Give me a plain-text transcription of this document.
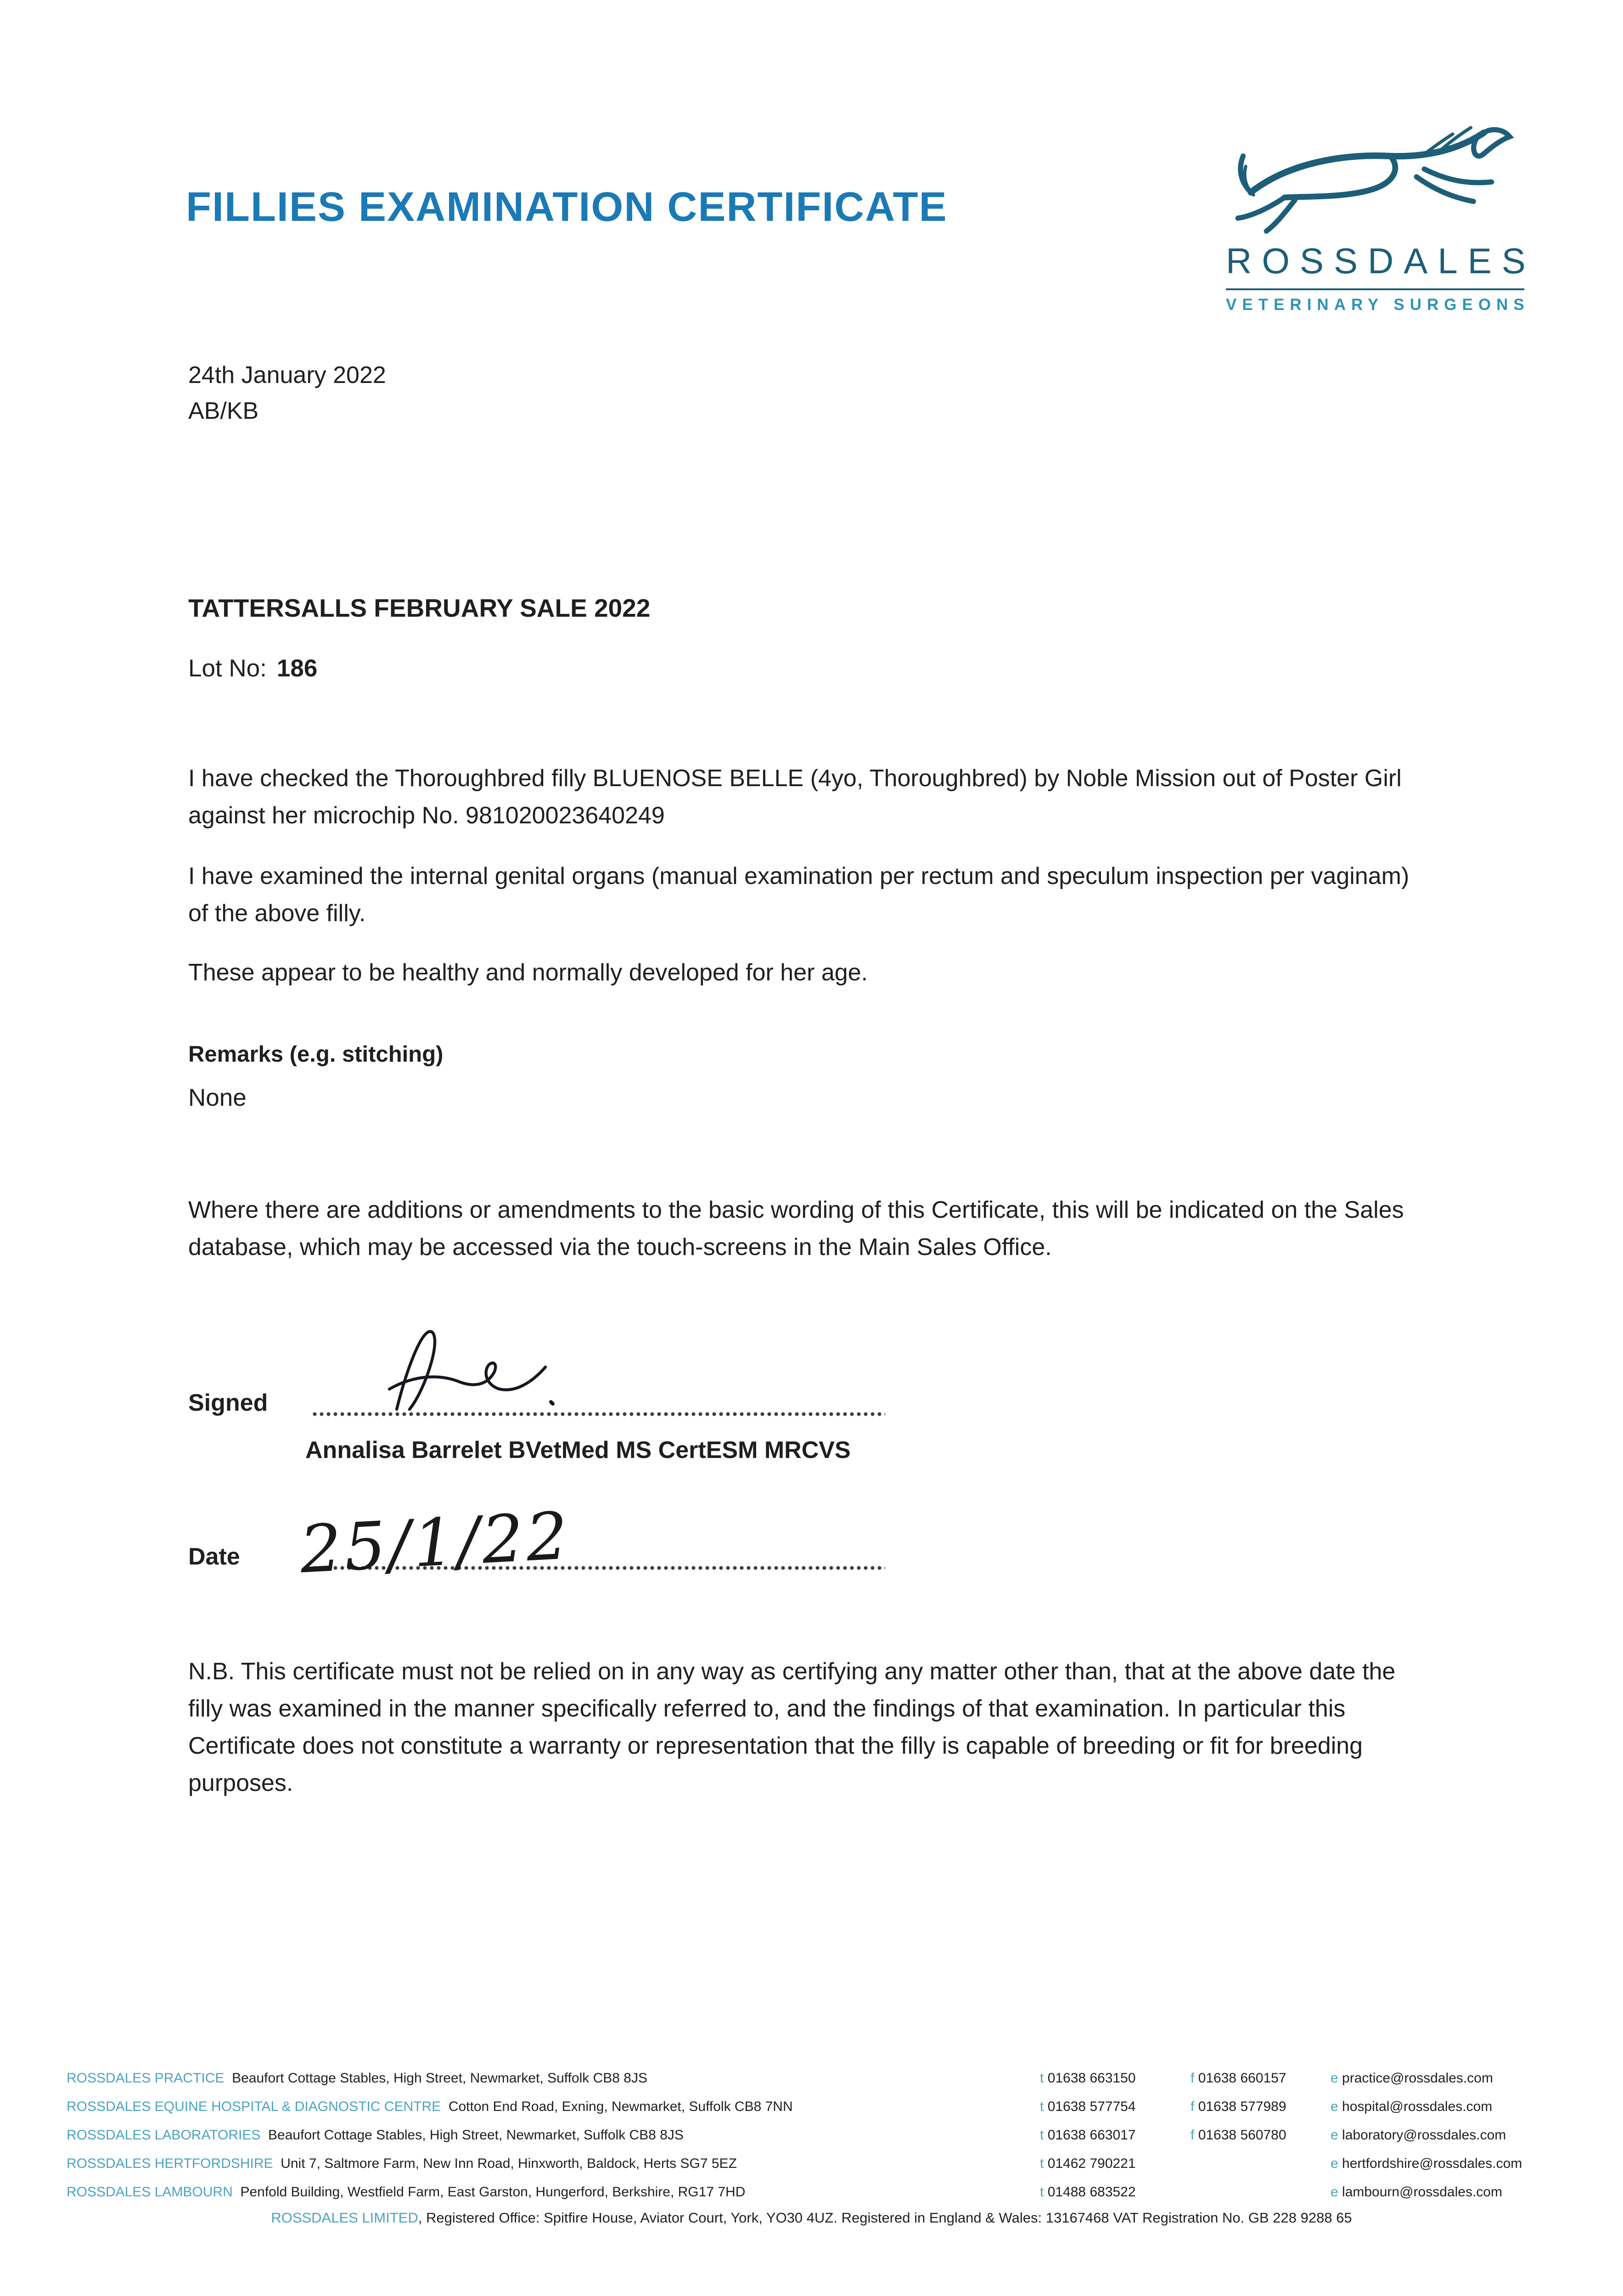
FILLIES EXAMINATION CERTIFICATE
ROSSDALES
VETERINARY SURGEONS
24th January 2022
AB/KB
TATTERSALLS FEBRUARY SALE 2022
Lot No: 186
I have checked the Thoroughbred filly BLUENOSE BELLE (4yo, Thoroughbred) by Noble Mission out of Poster Girl against her microchip No. 981020023640249
I have examined the internal genital organs (manual examination per rectum and speculum inspection per vaginam) of the above filly.
These appear to be healthy and normally developed for her age.
Remarks (e.g. stitching)
None
Where there are additions or amendments to the basic wording of this Certificate, this will be indicated on the Sales database, which may be accessed via the touch-screens in the Main Sales Office.
Signed
Annalisa Barrelet BVetMed MS CertESM MRCVS
Date 25/1/22
N.B. This certificate must not be relied on in any way as certifying any matter other than, that at the above date the filly was examined in the manner specifically referred to, and the findings of that examination. In particular this Certificate does not constitute a warranty or representation that the filly is capable of breeding or fit for breeding purposes.
ROSSDALES PRACTICE Beaufort Cottage Stables, High Street, Newmarket, Suffolk CB8 8JS	t 01638 663150	f 01638 660157	e practice@rossdales.com
ROSSDALES EQUINE HOSPITAL & DIAGNOSTIC CENTRE Cotton End Road, Exning, Newmarket, Suffolk CB8 7NN	t 01638 577754	f 01638 577989	e hospital@rossdales.com
ROSSDALES LABORATORIES Beaufort Cottage Stables, High Street, Newmarket, Suffolk CB8 8JS	t 01638 663017	f 01638 560780	e laboratory@rossdales.com
ROSSDALES HERTFORDSHIRE Unit 7, Saltmore Farm, New Inn Road, Hinxworth, Baldock, Herts SG7 5EZ	t 01462 790221	e hertfordshire@rossdales.com
ROSSDALES LAMBOURN Penfold Building, Westfield Farm, East Garston, Hungerford, Berkshire, RG17 7HD	t 01488 683522	e lambourn@rossdales.com
ROSSDALES LIMITED, Registered Office: Spitfire House, Aviator Court, York, YO30 4UZ. Registered in England & Wales: 13167468 VAT Registration No. GB 228 9288 65
